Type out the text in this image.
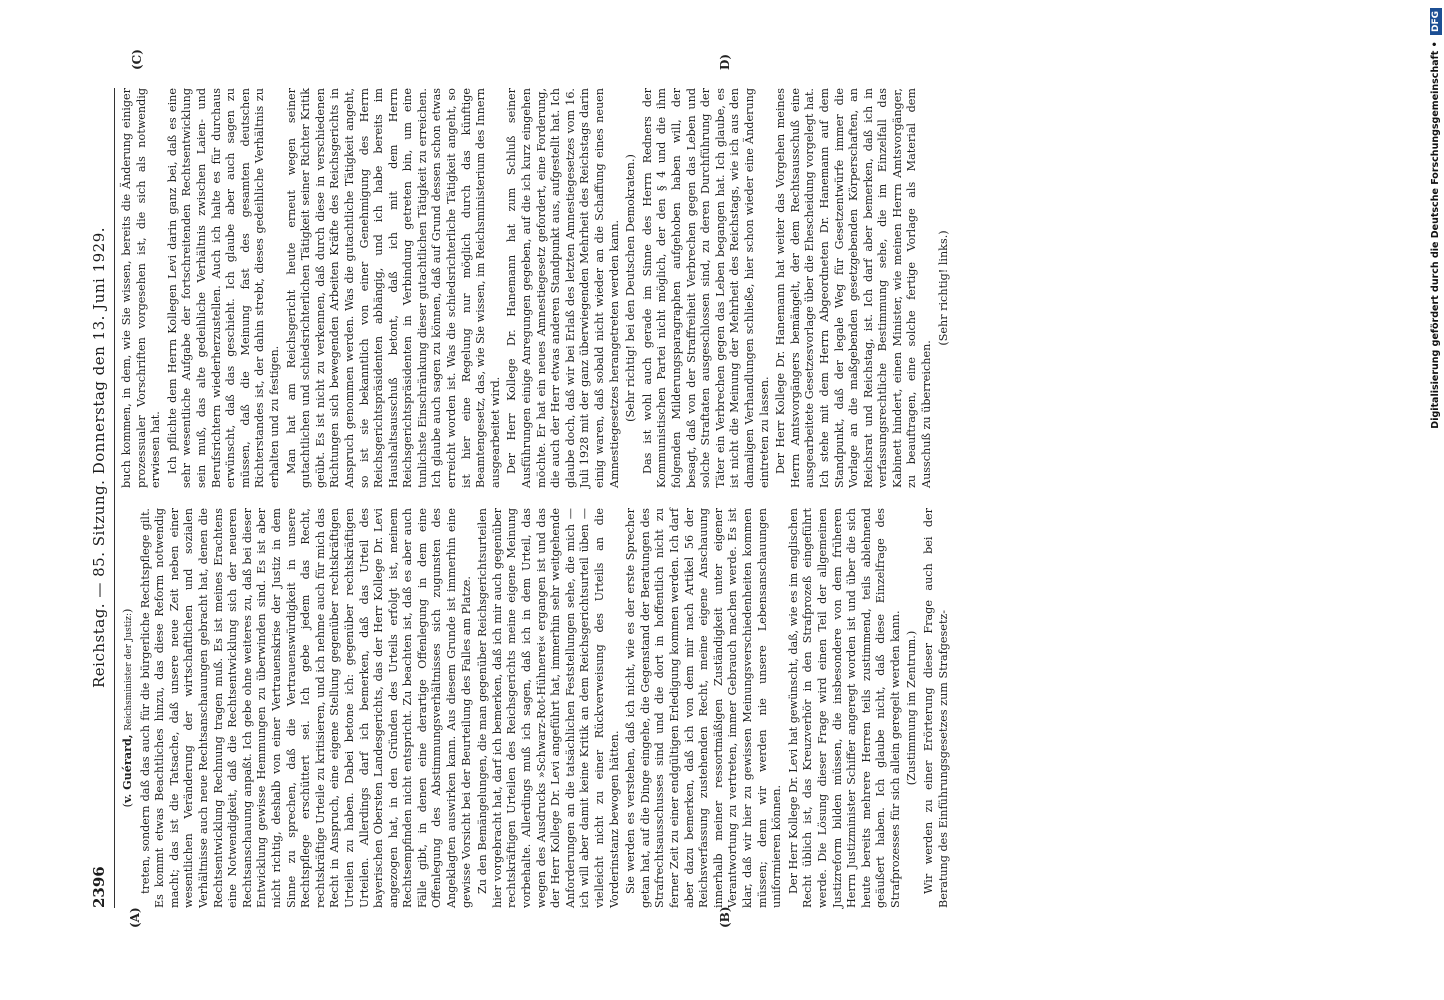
2396
Reichstag. — 85. Sitzung. Donnerstag den 13. Juni 1929.
(A)	(B)
(C)	D)

(v. Guérard, Reichsminister der Justiz:) treten, sondern daß das auch für die bürgerliche Rechtspflege gilt. Es kommt etwas Beachtliches hinzu, das diese Reform notwendig macht; das ist die Tatsache, daß unsere neue Zeit neben einer wesentlichen Veränderung der wirtschaftlichen und sozialen Verhältnisse auch neue Rechtsanschauungen gebracht hat, denen die Rechtsentwicklung Rechnung tragen muß. Es ist meines Erachtens eine Notwendigkeit, daß die Rechtsentwicklung sich der neueren Rechtsanschauung anpaßt. Ich gebe ohne weiteres zu, daß bei dieser Entwicklung gewisse Hemmungen zu überwinden sind. Es ist aber nicht richtig, deshalb von einer Vertrauenskrise der Justiz in dem Sinne zu sprechen, daß die Vertrauenswürdigkeit in unsere Rechtspflege erschüttert sei. Ich gebe jedem das Recht, rechtskräftige Urteile zu kritisieren, und ich nehme auch für mich das Recht in Anspruch, eine eigene Stellung gegenüber rechtskräftigen Urteilen zu haben. Dabei betone ich: gegenüber rechtskräftigen Urteilen. Allerdings darf ich bemerken, daß das Urteil des bayerischen Obersten Landesgerichts, das der Herr Kollege Dr. Levi angezogen hat, in den Gründen des Urteils erfolgt ist, meinem Rechtsempfinden nicht entspricht. Zu beachten ist, daß es aber auch Fälle gibt, in denen eine derartige Offenlegung in dem eine Offenlegung des Abstimmungsverhältnisses sich zugunsten des Angeklagten auswirken kann. Aus diesem Grunde ist immerhin eine gewisse Vorsicht bei der Beurteilung des Falles am Platze. Zu den Bemängelungen, die man gegenüber Reichsgerichtsurteilen hier vorgebracht hat, darf ich bemerken, daß ich mir auch gegenüber rechtskräftigen Urteilen des Reichsgerichts meine eigene Meinung vorbehalte. Allerdings muß ich sagen, daß ich in dem Urteil, das wegen des Ausdrucks »Schwarz-Rot-Hühnerei« ergangen ist und das der Herr Kollege Dr. Levi angeführt hat, immerhin sehr weitgehende Anforderungen an die tatsächlichen Feststellungen sehe, die mich — ich will aber damit keine Kritik an dem Reichsgerichtsurteil üben — vielleicht nicht zu einer Rückverweisung des Urteils an die Vorderinstanz bewogen hätten. Sie werden es verstehen, daß ich nicht, wie es der erste Sprecher getan hat, auf die Dinge eingehe, die Gegenstand der Beratungen des Strafrechtsausschusses sind und die dort in hoffentlich nicht zu ferner Zeit zu einer endgültigen Erledigung kommen werden. Ich darf aber dazu bemerken, daß ich von dem mir nach Artikel 56 der Reichsverfassung zustehenden Recht, meine eigene Anschauung innerhalb meiner ressortmäßigen Zuständigkeit unter eigener Verantwortung zu vertreten, immer Gebrauch machen werde. Es ist klar, daß wir hier zu gewissen Meinungsverschiedenheiten kommen müssen; denn wir werden nie unsere Lebensanschauungen uniformieren können. Der Herr Kollege Dr. Levi hat gewünscht, daß, wie es im englischen Recht üblich ist, das Kreuzverhör in den Strafprozeß eingeführt werde. Die Lösung dieser Frage wird einen Teil der allgemeinen Justizreform bilden müssen, die insbesondere von dem früheren Herrn Justizminister Schiffer angeregt worden ist und über die sich heute bereits mehrere Herren teils zustimmend, teils ablehnend geäußert haben. Ich glaube nicht, daß diese Einzelfrage des Strafprozesses für sich allein geregelt werden kann. (Zustimmung im Zentrum.) Wir werden zu einer Erörterung dieser Frage auch bei der Beratung des Einführungsgesetzes zum Strafgesetz-

buch kommen, in dem, wie Sie wissen, bereits die Änderung einiger prozessualer Vorschriften vorgesehen ist, die sich als notwendig erwiesen hat. Ich pflichte dem Herrn Kollegen Levi darin ganz bei, daß es eine sehr wesentliche Aufgabe der fortschreitenden Rechtsentwicklung sein muß, das alte gedeihliche Verhältnis zwischen Laien- und Berufsrichtern wiederherzustellen. Auch ich halte es für durchaus erwünscht, daß das geschieht. Ich glaube aber auch sagen zu müssen, daß die Meinung fast des gesamten deutschen Richterstandes ist, der dahin strebt, dieses gedeihliche Verhältnis zu erhalten und zu festigen. Man hat am Reichsgericht heute erneut wegen seiner gutachtlichen und schiedsrichterlichen Tätigkeit seiner Richter Kritik geübt. Es ist nicht zu verkennen, daß durch diese in verschiedenen Richtungen sich bewegenden Arbeiten Kräfte des Reichsgerichts in Anspruch genommen werden. Was die gutachtliche Tätigkeit angeht, so ist sie bekanntlich von einer Genehmigung des Herrn Reichsgerichtspräsidenten abhängig, und ich habe bereits im Haushaltsausschuß betont, daß ich mit dem Herrn Reichsgerichtspräsidenten in Verbindung getreten bin, um eine tunlichste Einschränkung dieser gutachtlichen Tätigkeit zu erreichen. Ich glaube auch sagen zu können, daß auf Grund dessen schon etwas erreicht worden ist. Was die schiedsrichterliche Tätigkeit angeht, so ist hier eine Regelung nur möglich durch das künftige Beamtengesetz, das, wie Sie wissen, im Reichsministerium des Innern ausgearbeitet wird. Der Herr Kollege Dr. Hanemann hat zum Schluß seiner Ausführungen einige Anregungen gegeben, auf die ich kurz eingehen möchte. Er hat ein neues Amnestiegesetz gefordert, eine Forderung, die auch der Herr etwas anderen Standpunkt aus, aufgestellt hat. Ich glaube doch, daß wir bei Erlaß des letzten Amnestiegesetzes vom 16. Juli 1928 mit der ganz überwiegenden Mehrheit des Reichstags darin einig waren, daß sobald nicht wieder an die Schaffung eines neuen Amnestiegesetzes herangetreten werden kann. (Sehr richtig! bei den Deutschen Demokraten.) Das ist wohl auch gerade im Sinne des Herrn Redners der Kommunistischen Partei nicht möglich, der den § 4 und die ihm folgenden Milderungsparagraphen aufgehoben haben will, der besagt, daß von der Straffreiheit Verbrechen gegen das Leben und solche Straftaten ausgeschlossen sind, zu deren Durchführung der Täter ein Verbrechen gegen das Leben begangen hat. Ich glaube, es ist nicht die Meinung der Mehrheit des Reichstags, wie ich aus den damaligen Verhandlungen schließe, hier schon wieder eine Änderung eintreten zu lassen. Der Herr Kollege Dr. Hanemann hat weiter das Vorgehen meines Herrn Amtsvorgängers bemängelt, der dem Rechtsausschuß eine ausgearbeitete Gesetzesvorlage über die Ehescheidung vorgelegt hat. Ich stehe mit dem Herrn Abgeordneten Dr. Hanemann auf dem Standpunkt, daß der legale Weg für Gesetzentwürfe immer die Vorlage an die maßgebenden gesetzgebenden Körperschaften, an Reichsrat und Reichstag, ist. Ich darf aber bemerken, daß ich in verfassungsrechtliche Bestimmung sehe, die im Einzelfall das Kabinett hindert, einen Minister, wie meinen Herrn Amtsvorgänger, zu beauftragen, eine solche fertige Vorlage als Material dem Ausschuß zu überreichen.

(Sehr richtig! links.)	Digitalisierung gefördert durch die Deutsche Forschungsgemeinschaft • DFG
